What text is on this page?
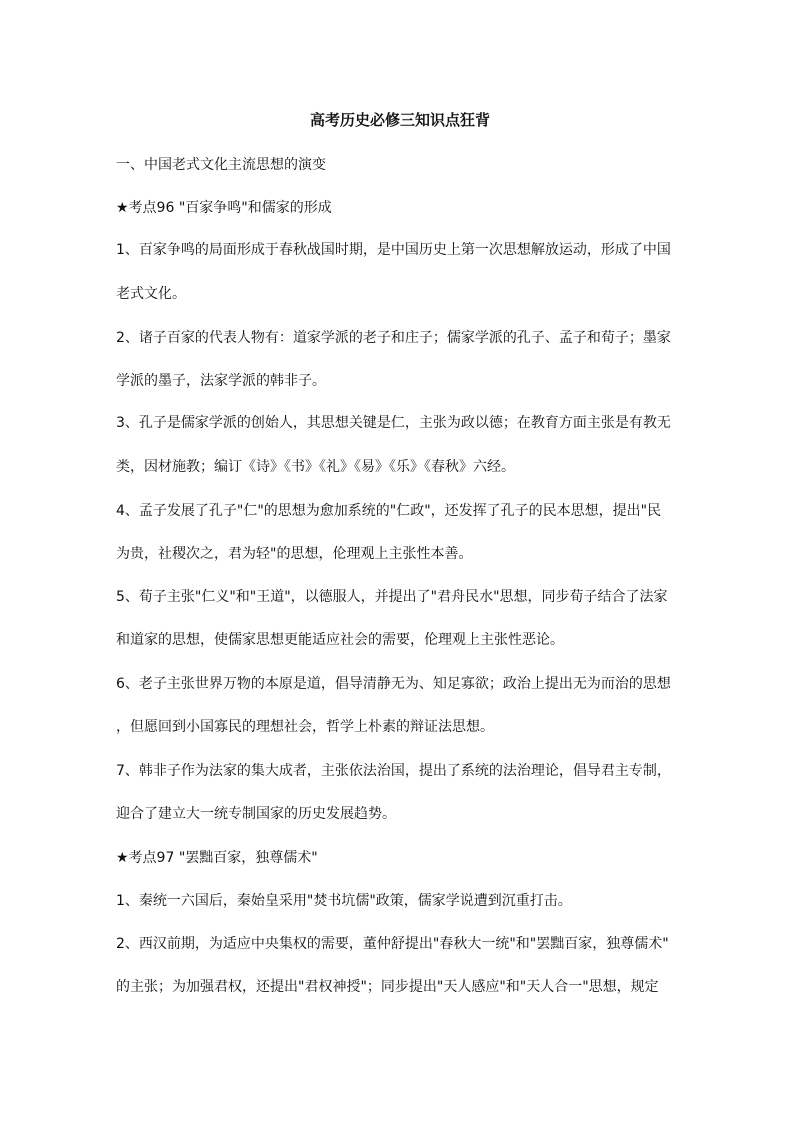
高考历史必修三知识点狂背
一、中国老式文化主流思想的演变
★考点96 "百家争鸣"和儒家的形成
1、百家争鸣的局面形成于春秋战国时期，是中国历史上第一次思想解放运动，形成了中国
老式文化。
2、诸子百家的代表人物有：道家学派的老子和庄子；儒家学派的孔子、孟子和荀子；墨家
学派的墨子，法家学派的韩非子。
3、孔子是儒家学派的创始人，其思想关键是仁，主张为政以德；在教育方面主张是有教无
类，因材施教；编订《诗》《书》《礼》《易》《乐》《春秋》六经。
4、孟子发展了孔子"仁"的思想为愈加系统的"仁政"，还发挥了孔子的民本思想，提出"民
为贵，社稷次之，君为轻"的思想，伦理观上主张性本善。
5、荀子主张"仁义"和"王道"，以德服人，并提出了"君舟民水"思想，同步荀子结合了法家
和道家的思想，使儒家思想更能适应社会的需要，伦理观上主张性恶论。
6、老子主张世界万物的本原是道，倡导清静无为、知足寡欲；政治上提出无为而治的思想
，但愿回到小国寡民的理想社会，哲学上朴素的辩证法思想。
7、韩非子作为法家的集大成者，主张依法治国，提出了系统的法治理论，倡导君主专制，
迎合了建立大一统专制国家的历史发展趋势。
★考点97 "罢黜百家，独尊儒术"
1、秦统一六国后，秦始皇采用"焚书坑儒"政策，儒家学说遭到沉重打击。
2、西汉前期，为适应中央集权的需要，董仲舒提出"春秋大一统"和"罢黜百家，独尊儒术"
的主张；为加强君权，还提出"君权神授"；同步提出"天人感应"和"天人合一"思想，规定
